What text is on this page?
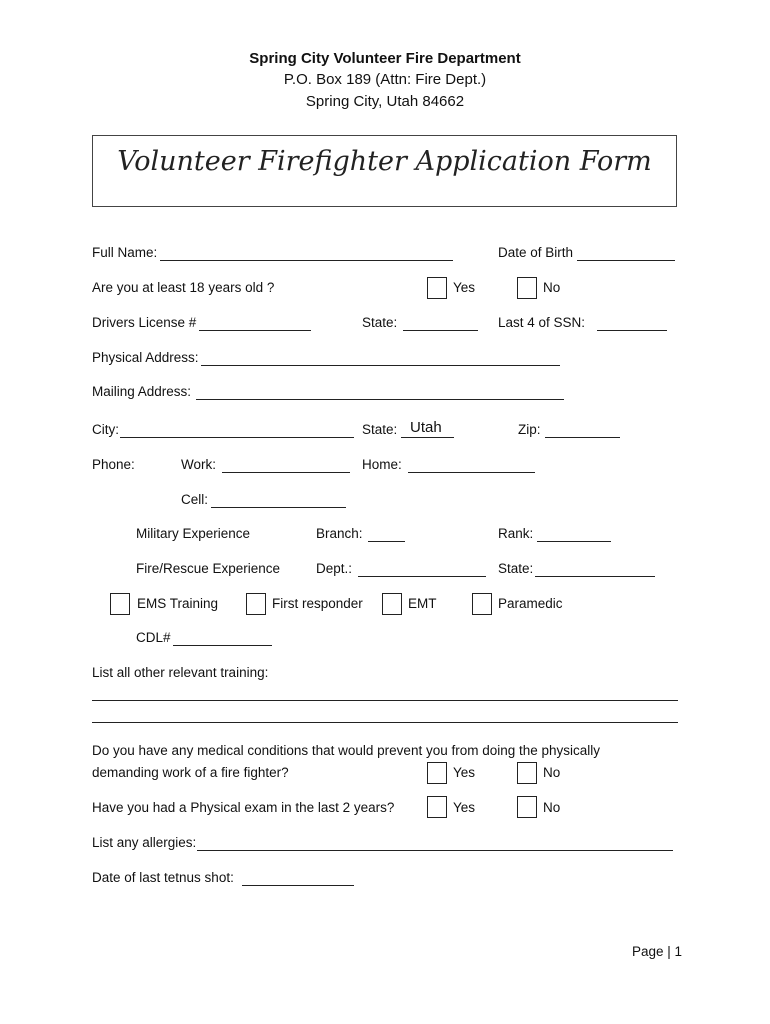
Spring City Volunteer Fire Department
P.O. Box 189 (Attn: Fire Dept.)
Spring City, Utah 84662
Volunteer Firefighter Application Form
Full Name:	Date of Birth
Are you at least 18 years old ?	Yes	No
Drivers License #	State:	Last 4 of SSN:
Physical Address:
Mailing Address:
City:	State: Utah	Zip:
Phone:	Work:	Home:
Cell:
Military Experience	Branch:	Rank:
Fire/Rescue Experience	Dept.:	State:
EMS Training	First responder	EMT	Paramedic
CDL#
List all other relevant training:
Do you have any medical conditions that would prevent you from doing the physically
demanding work of a fire fighter?	Yes	No
Have you had a Physical exam in the last 2 years?	Yes	No
List any allergies:
Date of last tetnus shot:
Page | 1
